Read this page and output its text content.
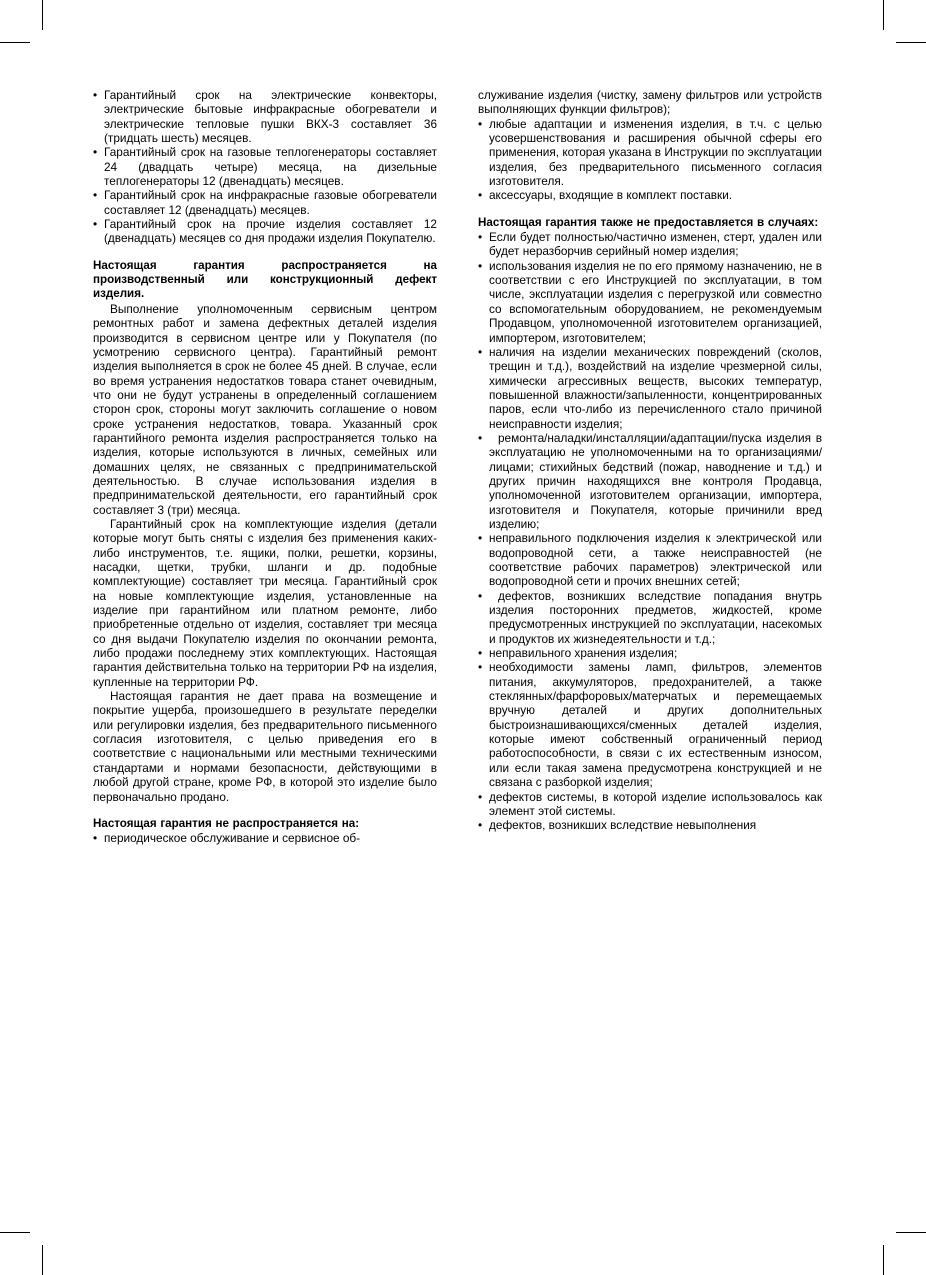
• Гарантийный срок на электрические конвекторы, электрические бытовые инфракрасные обогреватели и электрические тепловые пушки ВКХ-3 составляет 36 (тридцать шесть) месяцев.
• Гарантийный срок на газовые теплогенераторы составляет 24 (двадцать четыре) месяца, на дизельные теплогенераторы 12 (двенадцать) месяцев.
• Гарантийный срок на инфракрасные газовые обогреватели составляет 12 (двенадцать) месяцев.
• Гарантийный срок на прочие изделия составляет 12 (двенадцать) месяцев со дня продажи изделия Покупателю.
Настоящая гарантия распространяется на производственный или конструкционный дефект изделия.

Выполнение уполномоченным сервисным центром ремонтных работ и замена дефектных деталей изделия производится в сервисном центре или у Покупателя (по усмотрению сервисного центра). Гарантийный ремонт изделия выполняется в срок не более 45 дней. В случае, если во время устранения недостатков товара станет очевидным, что они не будут устранены в определенный соглашением сторон срок, стороны могут заключить соглашение о новом сроке устранения недостатков, товара. Указанный срок гарантийного ремонта изделия распространяется только на изделия, которые используются в личных, семейных или домашних целях, не связанных с предпринимательской деятельностью. В случае использования изделия в предпринимательской деятельности, его гарантийный срок составляет 3 (три) месяца.

Гарантийный срок на комплектующие изделия (детали которые могут быть сняты с изделия без применения каких-либо инструментов, т.е. ящики, полки, решетки, корзины, насадки, щетки, трубки, шланги и др. подобные комплектующие) составляет три месяца. Гарантийный срок на новые комплектующие изделия, установленные на изделие при гарантийном или платном ремонте, либо приобретенные отдельно от изделия, составляет три месяца со дня выдачи Покупателю изделия по окончании ремонта, либо продажи последнему этих комплектующих. Настоящая гарантия действительна только на территории РФ на изделия, купленные на территории РФ.

Настоящая гарантия не дает права на возмещение и покрытие ущерба, произошедшего в результате переделки или регулировки изделия, без предварительного письменного согласия изготовителя, с целью приведения его в соответствие с национальными или местными техническими стандартами и нормами безопасности, действующими в любой другой стране, кроме РФ, в которой это изделие было первоначально продано.

Настоящая гарантия не распространяется на:
• периодическое обслуживание и сервисное об-

служивание изделия (чистку, замену фильтров или устройств выполняющих функции фильтров);

• любые адаптации и изменения изделия, в т.ч. с целью усовершенствования и расширения обычной сферы его применения, которая указана в Инструкции по эксплуатации изделия, без предварительного письменного согласия изготовителя.
• аксессуары, входящие в комплект поставки.
Настоящая гарантия также не предоставляется в случаях:
• Если будет полностью/частично изменен, стерт, удален или будет неразборчив серийный номер изделия;
• использования изделия не по его прямому назначению, не в соответствии с его Инструкцией по эксплуатации, в том числе, эксплуатации изделия с перегрузкой или совместно со вспомогательным оборудованием, не рекомендуемым Продавцом, уполномоченной изготовителем организацией, импортером, изготовителем;
• наличия на изделии механических повреждений (сколов, трещин и т.д.), воздействий на изделие чрезмерной силы, химически агрессивных веществ, высоких температур, повышенной влажности/запыленности, концентрированных паров, если что-либо из перечисленного стало причиной неисправности изделия;
• ремонта/наладки/инсталляции/адаптации/пуска изделия в эксплуатацию не уполномоченными на то организациями/лицами; стихийных бедствий (пожар, наводнение и т.д.) и других причин находящихся вне контроля Продавца, уполномоченной изготовителем организации, импортера, изготовителя и Покупателя, которые причинили вред изделию;
• неправильного подключения изделия к электрической или водопроводной сети, а также неисправностей (не соответствие рабочих параметров) электрической или водопроводной сети и прочих внешних сетей;
• дефектов, возникших вследствие попадания внутрь изделия посторонних предметов, жидкостей, кроме предусмотренных инструкцией по эксплуатации, насекомых и продуктов их жизнедеятельности и т.д.;
• неправильного хранения изделия;
• необходимости замены ламп, фильтров, элементов питания, аккумуляторов, предохранителей, а также стеклянных/фарфоровых/матерчатых и перемещаемых вручную деталей и других дополнительных быстроизнашивающихся/сменных деталей изделия, которые имеют собственный ограниченный период работоспособности, в связи с их естественным износом, или если такая замена предусмотрена конструкцией и не связана с разборкой изделия;
• дефектов системы, в которой изделие использовалось как элемент этой системы.
• дефектов, возникших вследствие невыполнения
